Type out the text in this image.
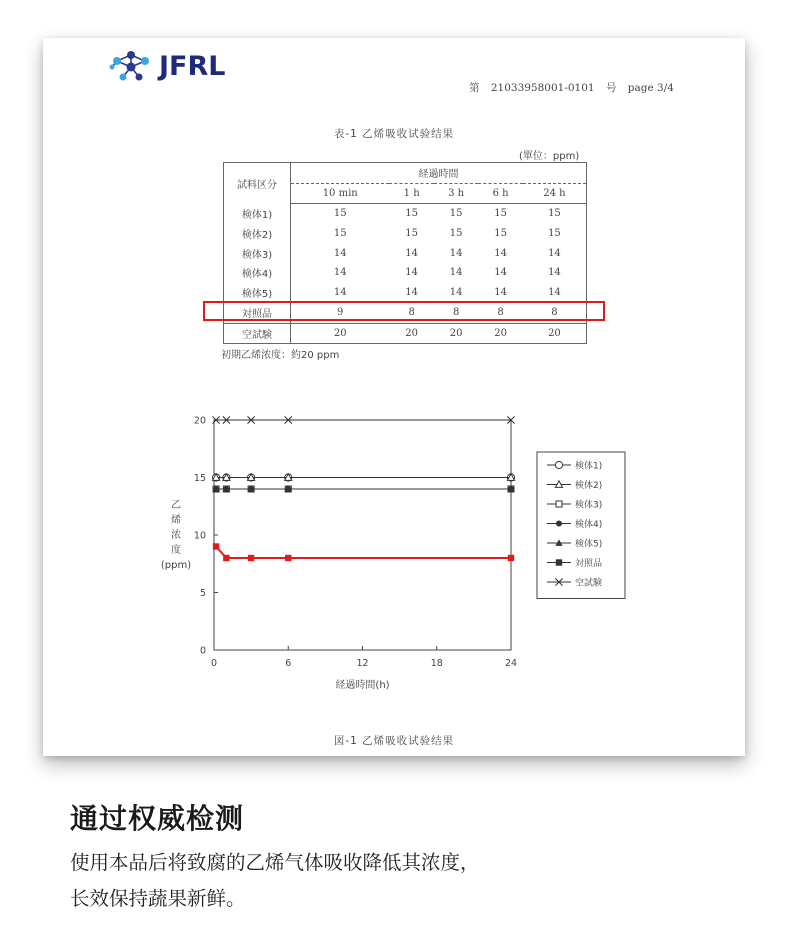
JFRL
第 21033958001-0101 号 page 3/4
表-1 乙烯吸收试验结果
(單位：ppm)
試料区分	経過時間				
	10 min	1 h	3 h	6 h	24 h
検体1)	15	15	15	15	15
検体2)	15	15	15	15	15
検体3)	14	14	14	14	14
検体4)	14	14	14	14	14
検体5)	14	14	14	14	14
対照品	9	8	8	8	8
空試験	20	20	20	20	20
初期乙烯浓度：約20 ppm
0
5
10
15
20
0	6	12	18	24
経過時間(h)
乙烯浓度(ppm)
検体1)
検体2)
検体3)
検体4)
検体5)
対照品
空試験
図-1 乙烯吸收试验结果
通过权威检测
使用本品后将致腐的乙烯气体吸收降低其浓度，
长效保持蔬果新鲜。
